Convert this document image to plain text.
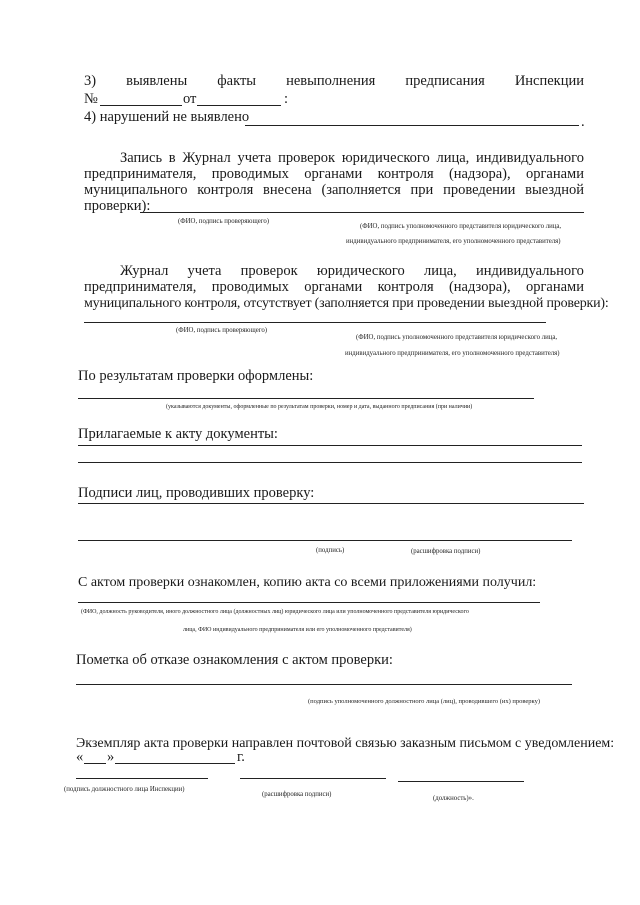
3) выявлены факты невыполнения предписания Инспекции
№	от	:
4) нарушений не выявлено	.
Запись в Журнал учета проверок юридического лица, индивидуального
предпринимателя, проводимых органами контроля (надзора), органами
муниципального контроля внесена (заполняется при проведении выездной
проверки):
(ФИО, подпись проверяющего)
(ФИО, подпись уполномоченного представителя юридического лица,
индивидуального предпринимателя, его уполномоченного представителя)
Журнал учета проверок юридического лица, индивидуального
предпринимателя, проводимых органами контроля (надзора), органами
муниципального контроля, отсутствует (заполняется при проведении выездной проверки):
(ФИО, подпись проверяющего)
(ФИО, подпись уполномоченного представителя юридического лица,
индивидуального предпринимателя, его уполномоченного представителя)
По результатам проверки оформлены:
(указываются документы, оформленные по результатам проверки, номер и дата, выданного предписания (при наличии)
Прилагаемые к акту документы:
Подписи лиц, проводивших проверку:
(подпись)	(расшифровка подписи)
С актом проверки ознакомлен, копию акта со всеми приложениями получил:
(ФИО, должность руководителя, иного должностного лица (должностных лиц) юридического лица или уполномоченного представителя юридического
лица, ФИО индивидуального предпринимателя или его уполномоченного представителя)
Пометка об отказе ознакомления с актом проверки:
(подпись уполномоченного должностного лица (лиц), проводившего (их) проверку)
Экземпляр акта проверки направлен почтовой связью заказным письмом с уведомлением:
« »	г.
(подпись должностного лица Инспекции)
(расшифровка подписи)
(должность)».
